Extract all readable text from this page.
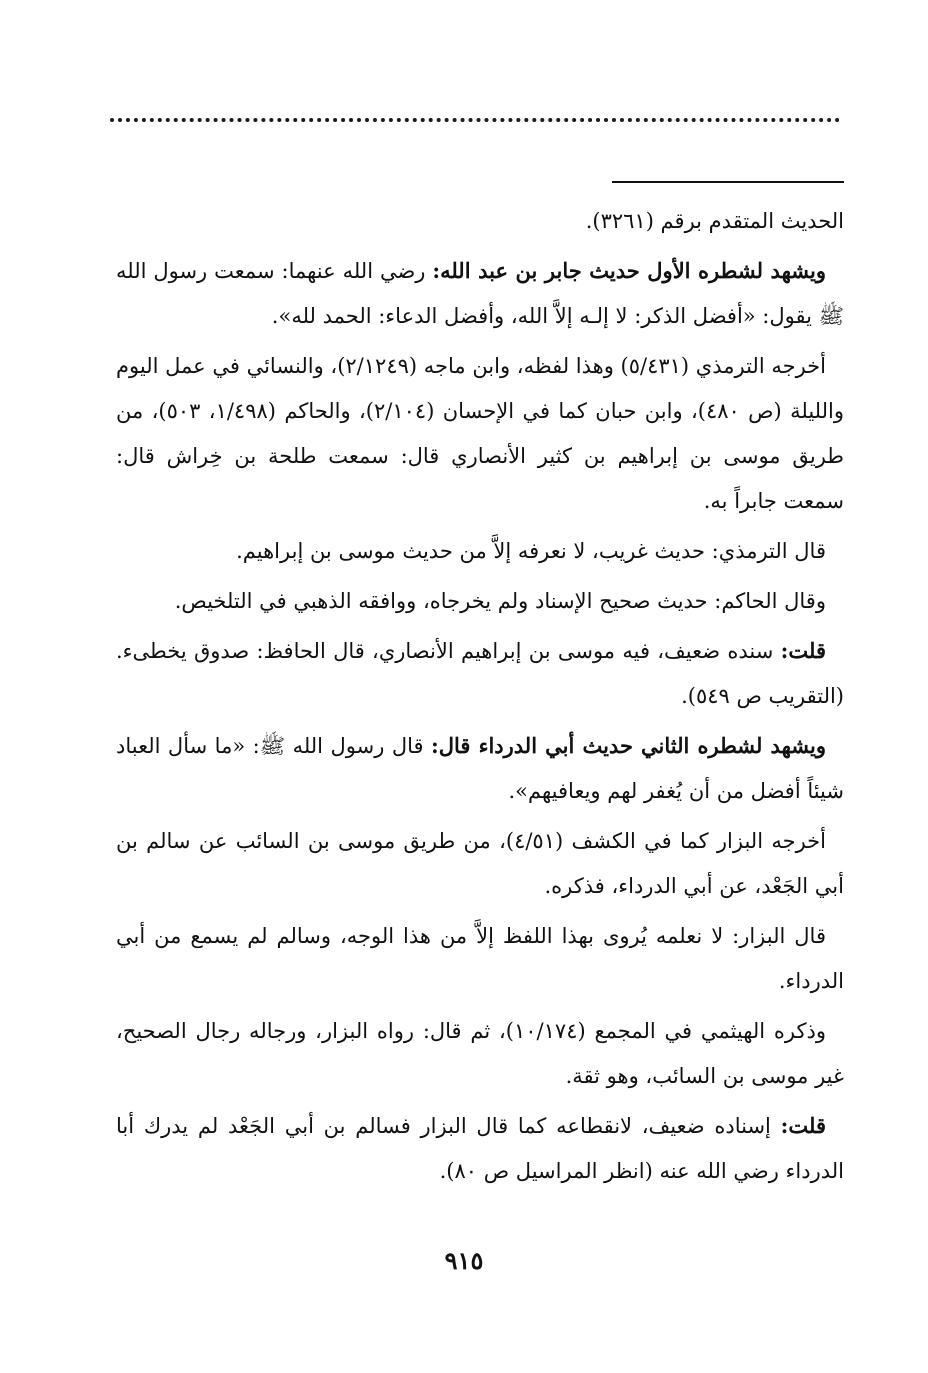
الحديث المتقدم برقم (٣٢٦١).

ويشهد لشطره الأول حديث جابر بن عبد الله: رضي الله عنهما: سمعت رسول الله ﷺ يقول: «أفضل الذكر: لا إلـه إلاَّ الله، وأفضل الدعاء: الحمد لله».

أخرجه الترمذي (٥/٤٣١) وهذا لفظه، وابن ماجه (٢/١٢٤٩)، والنسائي في عمل اليوم والليلة (ص ٤٨٠)، وابن حبان كما في الإحسان (٢/١٠٤)، والحاكم (١/٤٩٨، ٥٠٣)، من طريق موسى بن إبراهيم بن كثير الأنصاري قال: سمعت طلحة بن خِراش قال: سمعت جابراً به.

قال الترمذي: حديث غريب، لا نعرفه إلاَّ من حديث موسى بن إبراهيم.

وقال الحاكم: حديث صحيح الإسناد ولم يخرجاه، ووافقه الذهبي في التلخيص.

قلت: سنده ضعيف، فيه موسى بن إبراهيم الأنصاري، قال الحافظ: صدوق يخطىء. (التقريب ص ٥٤٩).

ويشهد لشطره الثاني حديث أبي الدرداء قال: قال رسول الله ﷺ: «ما سأل العباد شيئاً أفضل من أن يُغفر لهم ويعافيهم».

أخرجه البزار كما في الكشف (٤/٥١)، من طريق موسى بن السائب عن سالم بن أبي الجَعْد، عن أبي الدرداء، فذكره.

قال البزار: لا نعلمه يُروى بهذا اللفظ إلاَّ من هذا الوجه، وسالم لم يسمع من أبي الدرداء.

وذكره الهيثمي في المجمع (١٠/١٧٤)، ثم قال: رواه البزار، ورجاله رجال الصحيح، غير موسى بن السائب، وهو ثقة.

قلت: إسناده ضعيف، لانقطاعه كما قال البزار فسالم بن أبي الجَعْد لم يدرك أبا الدرداء رضي الله عنه (انظر المراسيل ص ٨٠).

٩١٥
